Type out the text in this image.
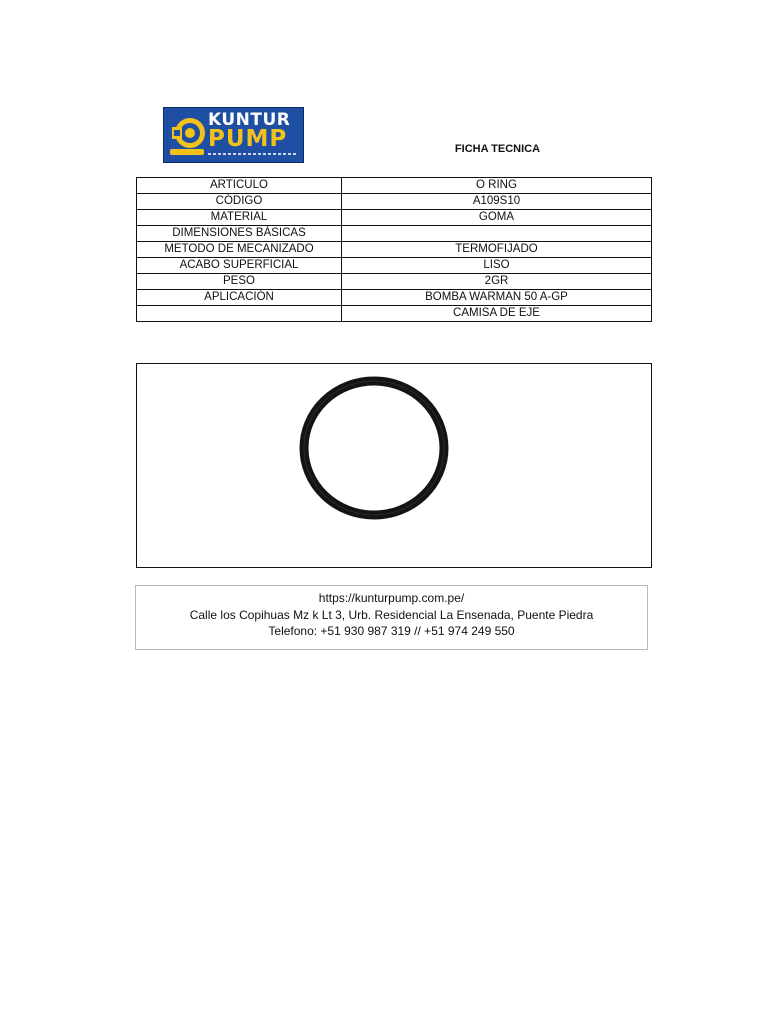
KUNTUR
PUMP	FICHA TECNICA
ARTICULO	O RING
CÓDIGO	A109S10
MATERIAL	GOMA
DIMENSIONES BÁSICAS	
METODO DE MECANIZADO	TERMOFIJADO
ACABO SUPERFICIAL	LISO
PESO	2GR
APLICACIÓN	BOMBA WARMAN 50 A-GP
	CAMISA DE EJE
https://kunturpump.com.pe/
Calle los Copihuas Mz k Lt 3, Urb. Residencial La Ensenada, Puente Piedra
Telefono: +51 930 987 319 // +51 974 249 550
